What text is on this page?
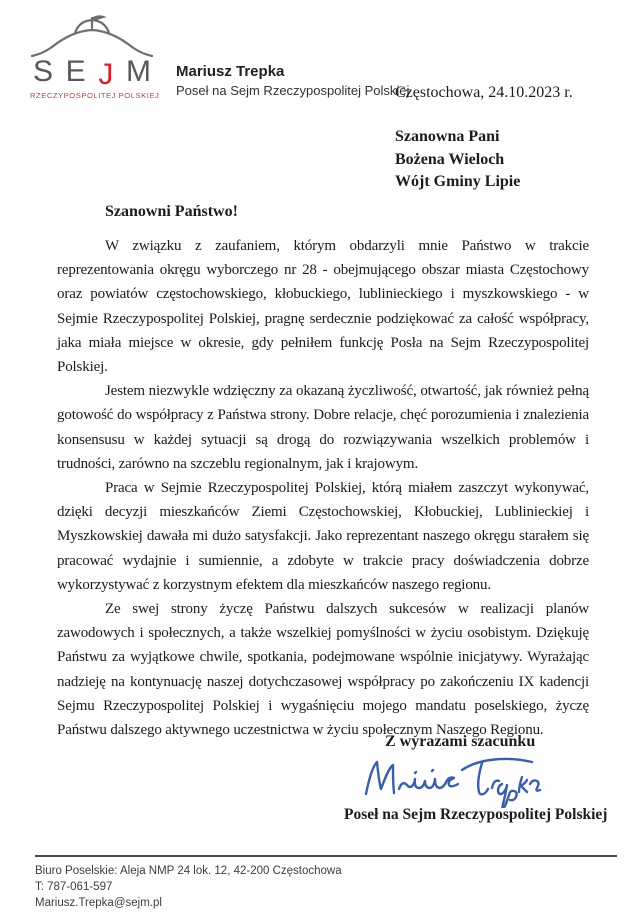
S E J M
RZECZYPOSPOLITEJ POLSKIEJ
Mariusz Trepka
Poseł na Sejm Rzeczypospolitej Polskiej
Częstochowa, 24.10.2023 r.
Szanowna Pani
Bożena Wieloch
Wójt Gminy Lipie

Szanowni Państwo!

W związku z zaufaniem, którym obdarzyli mnie Państwo w trakcie reprezentowania okręgu wyborczego nr 28 - obejmującego obszar miasta Częstochowy oraz powiatów częstochowskiego, kłobuckiego, lublinieckiego i myszkowskiego - w Sejmie Rzeczypospolitej Polskiej, pragnę serdecznie podziękować za całość współpracy, jaka miała miejsce w okresie, gdy pełniłem funkcję Posła na Sejm Rzeczypospolitej Polskiej.

Jestem niezwykle wdzięczny za okazaną życzliwość, otwartość, jak również pełną gotowość do współpracy z Państwa strony. Dobre relacje, chęć porozumienia i znalezienia konsensusu w każdej sytuacji są drogą do rozwiązywania wszelkich problemów i trudności, zarówno na szczeblu regionalnym, jak i krajowym.

Praca w Sejmie Rzeczypospolitej Polskiej, którą miałem zaszczyt wykonywać, dzięki decyzji mieszkańców Ziemi Częstochowskiej, Kłobuckiej, Lublinieckiej i Myszkowskiej dawała mi dużo satysfakcji. Jako reprezentant naszego okręgu starałem się pracować wydajnie i sumiennie, a zdobyte w trakcie pracy doświadczenia dobrze wykorzystywać z korzystnym efektem dla mieszkańców naszego regionu.

Ze swej strony życzę Państwu dalszych sukcesów w realizacji planów zawodowych i społecznych, a także wszelkiej pomyślności w życiu osobistym. Dziękuję Państwu za wyjątkowe chwile, spotkania, podejmowane wspólnie inicjatywy. Wyrażając nadzieję na kontynuację naszej dotychczasowej współpracy po zakończeniu IX kadencji Sejmu Rzeczypospolitej Polskiej i wygaśnięciu mojego mandatu poselskiego, życzę Państwu dalszego aktywnego uczestnictwa w życiu społecznym Naszego Regionu.

Z wyrazami szacunku
Poseł na Sejm Rzeczypospolitej Polskiej
Biuro Poselskie: Aleja NMP 24 lok. 12, 42-200 Częstochowa
T: 787-061-597
Mariusz.Trepka@sejm.pl
